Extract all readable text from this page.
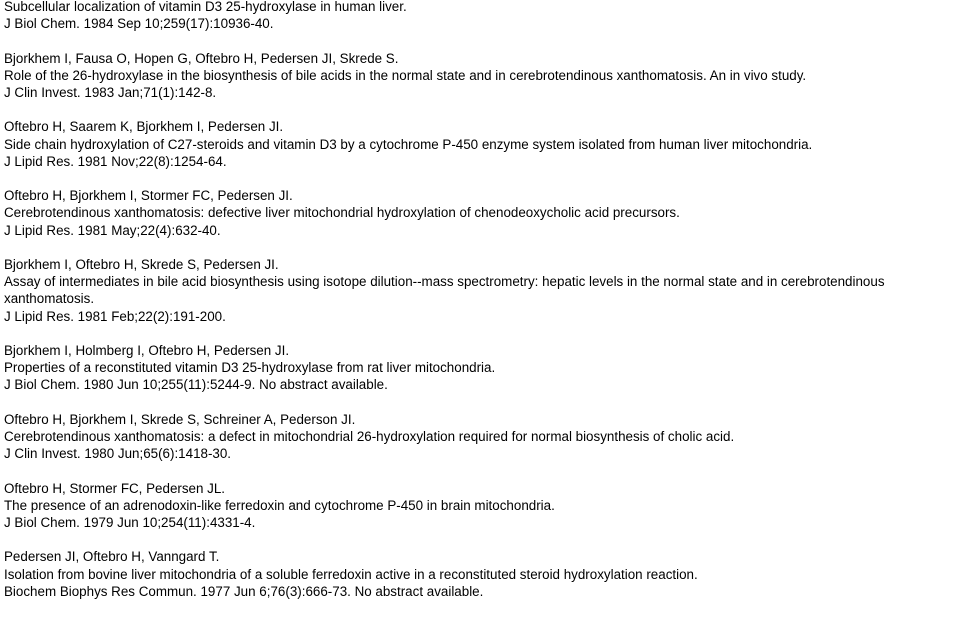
Subcellular localization of vitamin D3 25-hydroxylase in human liver.
J Biol Chem. 1984 Sep 10;259(17):10936-40.
Bjorkhem I, Fausa O, Hopen G, Oftebro H, Pedersen JI, Skrede S.
Role of the 26-hydroxylase in the biosynthesis of bile acids in the normal state and in cerebrotendinous xanthomatosis. An in vivo study.
J Clin Invest. 1983 Jan;71(1):142-8.
Oftebro H, Saarem K, Bjorkhem I, Pedersen JI.
Side chain hydroxylation of C27-steroids and vitamin D3 by a cytochrome P-450 enzyme system isolated from human liver mitochondria.
J Lipid Res. 1981 Nov;22(8):1254-64.
Oftebro H, Bjorkhem I, Stormer FC, Pedersen JI.
Cerebrotendinous xanthomatosis: defective liver mitochondrial hydroxylation of chenodeoxycholic acid precursors.
J Lipid Res. 1981 May;22(4):632-40.
Bjorkhem I, Oftebro H, Skrede S, Pedersen JI.
Assay of intermediates in bile acid biosynthesis using isotope dilution--mass spectrometry: hepatic levels in the normal state and in cerebrotendinous xanthomatosis.
J Lipid Res. 1981 Feb;22(2):191-200.
Bjorkhem I, Holmberg I, Oftebro H, Pedersen JI.
Properties of a reconstituted vitamin D3 25-hydroxylase from rat liver mitochondria.
J Biol Chem. 1980 Jun 10;255(11):5244-9. No abstract available.
Oftebro H, Bjorkhem I, Skrede S, Schreiner A, Pederson JI.
Cerebrotendinous xanthomatosis: a defect in mitochondrial 26-hydroxylation required for normal biosynthesis of cholic acid.
J Clin Invest. 1980 Jun;65(6):1418-30.
Oftebro H, Stormer FC, Pedersen JL.
The presence of an adrenodoxin-like ferredoxin and cytochrome P-450 in brain mitochondria.
J Biol Chem. 1979 Jun 10;254(11):4331-4.
Pedersen JI, Oftebro H, Vanngard T.
Isolation from bovine liver mitochondria of a soluble ferredoxin active in a reconstituted steroid hydroxylation reaction.
Biochem Biophys Res Commun. 1977 Jun 6;76(3):666-73. No abstract available.
